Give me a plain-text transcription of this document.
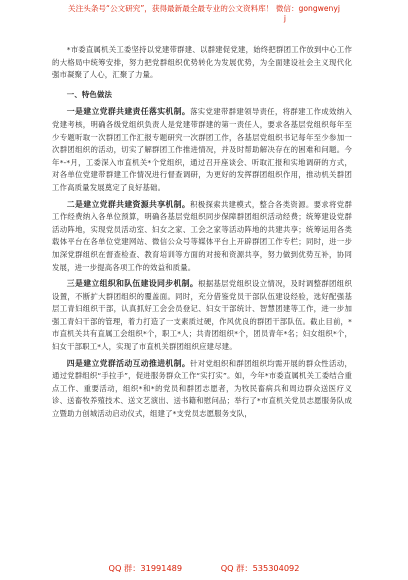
关注头条号“公文研究”，获得最新最全最专业的公文资料库！ 微信：gongwenyj
j

*市委直属机关工委坚持以党建带群建、以群建促党建，始终把群团工作放到中心工作的大格局中统筹安排，努力把党群组织优势转化为发展优势，为全面建设社会主义现代化强市凝聚了人心，汇聚了力量。

一、特色做法

一是建立党群共建责任落实机制。落实党建带群建领导责任，将群建工作成效纳入党建考核，明确各级党组织负责人是党建带群建的第一责任人，要求各基层党组织每年至少专题听取一次群团工作汇报专题研究一次群团工作，各基层党组织书记每年至少参加一次群团组织的活动，切实了解群团工作推进情况，并及时帮助解决存在的困难和问题。今年*-*月，工委深入市直机关*个党组织，通过召开座谈会、听取汇报和实地调研的方式，对各单位党建带群建工作情况进行督查调研，为更好的发挥群团组织作用，推动机关群团工作高质量发展奠定了良好基础。

二是建立党群共建资源共享机制。积极探索共建模式，整合各类资源。要求将党群工作经费纳入各单位预算，明确各基层党组织同步保障群团组织活动经费；统筹建设党群活动阵地，实现党员活动室、妇女之家、工会之家等活动阵地的共建共享；统筹运用各类载体平台在各单位党建网站、微信公众号等媒体平台上开辟群团工作专栏；同时，进一步加深党群组织在督查检查、教育培训等方面的对接和资源共享，努力做到优势互补，协同发展，进一步提高各项工作的效益和质量。

三是建立组织和队伍建设同步机制。根据基层党组织设立情况，及时调整群团组织设置，不断扩大群团组织的覆盖面。同时，充分借鉴党员干部队伍建设经验，选好配强基层工青妇组织干部，认真抓好工会会员登记、妇女干部统计、智慧团建等工作，进一步加强工青妇干部的管理，着力打造了一支素质过硬，作风优良的群团干部队伍。截止目前，*市直机关共有直属工会组织*个，职工*人；共青团组织*个，团员青年*名；妇女组织*个，妇女干部职工*人，实现了市直机关群团组织应建尽建。

四是建立党群活动互动推进机制。针对党组织和群团组织均需开展的群众性活动，通过党群组织“手拉手”，促进服务群众工作“实打实”。如，今年*市委直属机关工委结合重点工作、重要活动，组织*和*的党员和群团志愿者，为牧民畜病兵和周边群众送医疗义诊、送畜牧养殖技术、送文艺演出、送书籍和慰问品；举行了*市直机关党员志愿服务队成立暨助力创城活动启动仪式，组建了*支党员志愿服务支队，

QQ 群：31991489	QQ 群：535304092
